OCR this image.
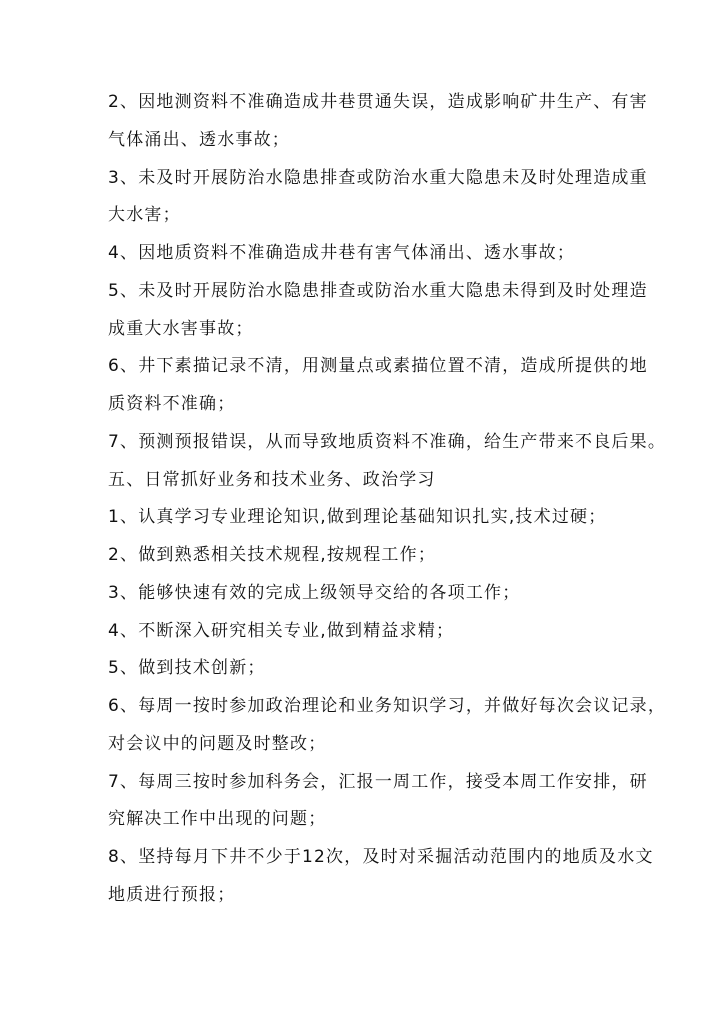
2、因地测资料不准确造成井巷贯通失误，造成影响矿井生产、有害
气体涌出、透水事故；
3、未及时开展防治水隐患排查或防治水重大隐患未及时处理造成重
大水害；
4、因地质资料不准确造成井巷有害气体涌出、透水事故；
5、未及时开展防治水隐患排查或防治水重大隐患未得到及时处理造
成重大水害事故；
6、井下素描记录不清，用测量点或素描位置不清，造成所提供的地
质资料不准确；
7、预测预报错误，从而导致地质资料不准确，给生产带来不良后果。
五、日常抓好业务和技术业务、政治学习
1、认真学习专业理论知识,做到理论基础知识扎实,技术过硬；
2、做到熟悉相关技术规程,按规程工作；
3、能够快速有效的完成上级领导交给的各项工作；
4、不断深入研究相关专业,做到精益求精；
5、做到技术创新；
6、每周一按时参加政治理论和业务知识学习，并做好每次会议记录，
对会议中的问题及时整改；
7、每周三按时参加科务会，汇报一周工作，接受本周工作安排，研
究解决工作中出现的问题；
8、坚持每月下井不少于12次，及时对采掘活动范围内的地质及水文
地质进行预报；
